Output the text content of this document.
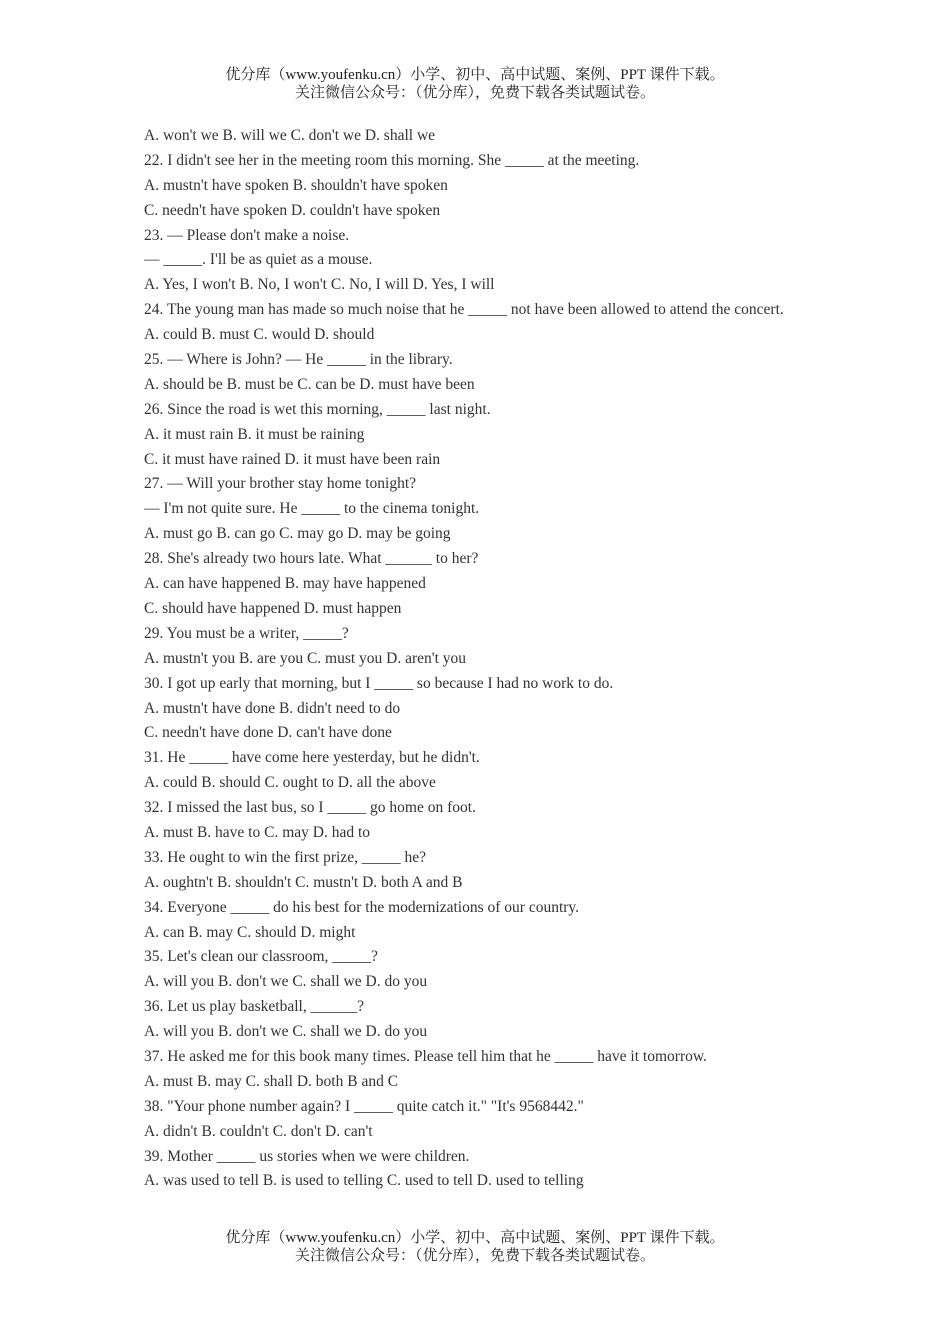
优分库（www.youfenku.cn）小学、初中、高中试题、案例、PPT 课件下载。
关注微信公众号：（优分库），免费下载各类试题试卷。
A. won't we B. will we C. don't we D. shall we
22. I didn't see her in the meeting room this morning. She _____ at the meeting.
A. mustn't have spoken B. shouldn't have spoken
C. needn't have spoken D. couldn't have spoken
23. — Please don't make a noise.
— _____. I'll be as quiet as a mouse.
A. Yes, I won't B. No, I won't C. No, I will D. Yes, I will
24. The young man has made so much noise that he _____ not have been allowed to attend the concert.
A. could B. must C. would D. should
25. — Where is John? — He _____ in the library.
A. should be B. must be C. can be D. must have been
26. Since the road is wet this morning, _____ last night.
A. it must rain B. it must be raining
C. it must have rained D. it must have been rain
27. — Will your brother stay home tonight?
— I'm not quite sure. He _____ to the cinema tonight.
A. must go B. can go C. may go D. may be going
28. She's already two hours late. What ______ to her?
A. can have happened B. may have happened
C. should have happened D. must happen
29. You must be a writer, _____?
A. mustn't you B. are you C. must you D. aren't you
30. I got up early that morning, but I _____ so because I had no work to do.
A. mustn't have done B. didn't need to do
C. needn't have done D. can't have done
31. He _____ have come here yesterday, but he didn't.
A. could B. should C. ought to D. all the above
32. I missed the last bus, so I _____ go home on foot.
A. must B. have to C. may D. had to
33. He ought to win the first prize, _____ he?
A. oughtn't B. shouldn't C. mustn't D. both A and B
34. Everyone _____ do his best for the modernizations of our country.
A. can B. may C. should D. might
35. Let's clean our classroom, _____?
A. will you B. don't we C. shall we D. do you
36. Let us play basketball, ______?
A. will you B. don't we C. shall we D. do you
37. He asked me for this book many times. Please tell him that he _____ have it tomorrow.
A. must B. may C. shall D. both B and C
38. "Your phone number again? I _____ quite catch it." "It's 9568442."
A. didn't B. couldn't C. don't D. can't
39. Mother _____ us stories when we were children.
A. was used to tell B. is used to telling C. used to tell D. used to telling
优分库（www.youfenku.cn）小学、初中、高中试题、案例、PPT 课件下载。
关注微信公众号：（优分库），免费下载各类试题试卷。
